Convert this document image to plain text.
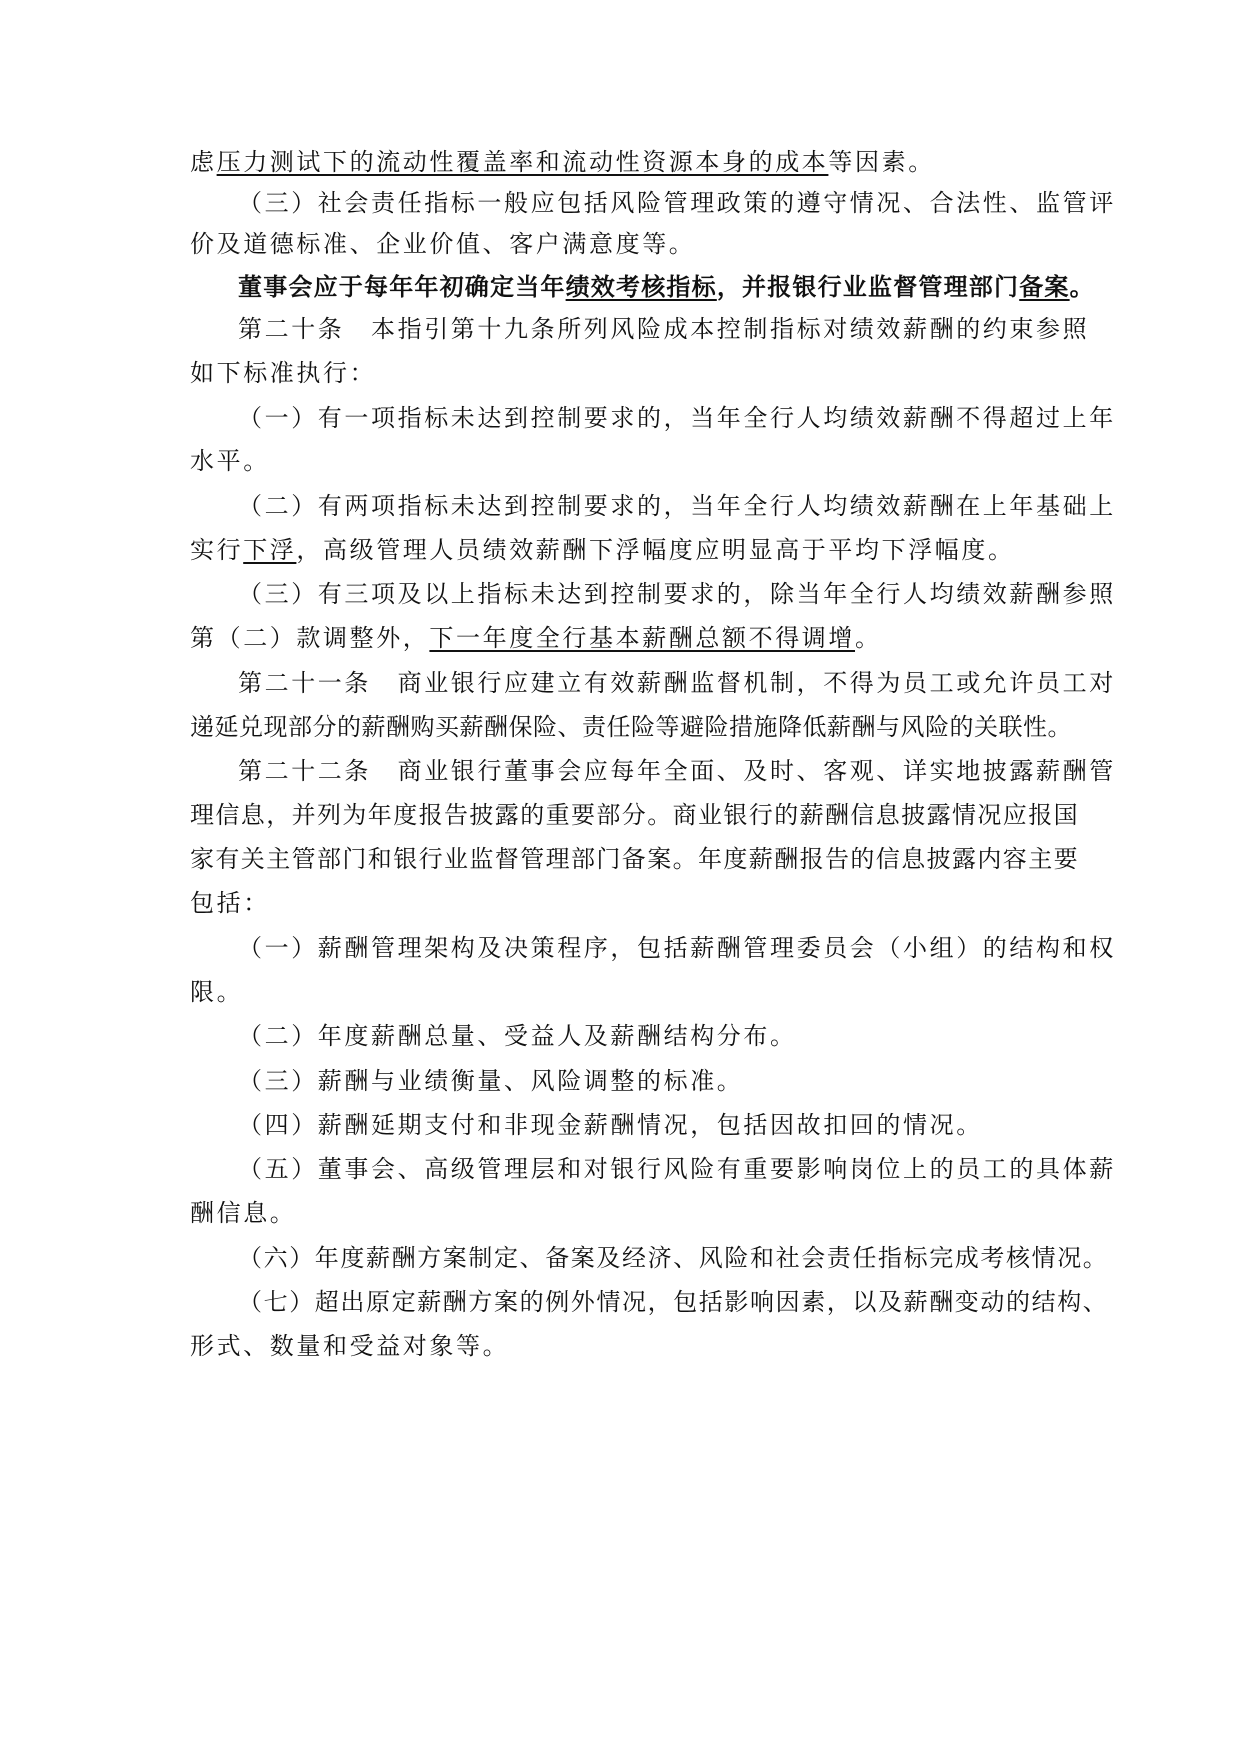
虑压力测试下的流动性覆盖率和流动性资源本身的成本等因素。
（三）社会责任指标一般应包括风险管理政策的遵守情况、合法性、监管评
价及道德标准、企业价值、客户满意度等。
董事会应于每年年初确定当年绩效考核指标，并报银行业监督管理部门备案。
第二十条　本指引第十九条所列风险成本控制指标对绩效薪酬的约束参照
如下标准执行：
（一）有一项指标未达到控制要求的，当年全行人均绩效薪酬不得超过上年
水平。
（二）有两项指标未达到控制要求的，当年全行人均绩效薪酬在上年基础上
实行下浮，高级管理人员绩效薪酬下浮幅度应明显高于平均下浮幅度。
（三）有三项及以上指标未达到控制要求的，除当年全行人均绩效薪酬参照
第（二）款调整外，下一年度全行基本薪酬总额不得调增。
第二十一条　商业银行应建立有效薪酬监督机制，不得为员工或允许员工对
递延兑现部分的薪酬购买薪酬保险、责任险等避险措施降低薪酬与风险的关联性。
第二十二条　商业银行董事会应每年全面、及时、客观、详实地披露薪酬管
理信息，并列为年度报告披露的重要部分。商业银行的薪酬信息披露情况应报国
家有关主管部门和银行业监督管理部门备案。年度薪酬报告的信息披露内容主要
包括：
（一）薪酬管理架构及决策程序，包括薪酬管理委员会（小组）的结构和权
限。
（二）年度薪酬总量、受益人及薪酬结构分布。
（三）薪酬与业绩衡量、风险调整的标准。
（四）薪酬延期支付和非现金薪酬情况，包括因故扣回的情况。
（五）董事会、高级管理层和对银行风险有重要影响岗位上的员工的具体薪
酬信息。
（六）年度薪酬方案制定、备案及经济、风险和社会责任指标完成考核情况。
（七）超出原定薪酬方案的例外情况，包括影响因素，以及薪酬变动的结构、
形式、数量和受益对象等。
